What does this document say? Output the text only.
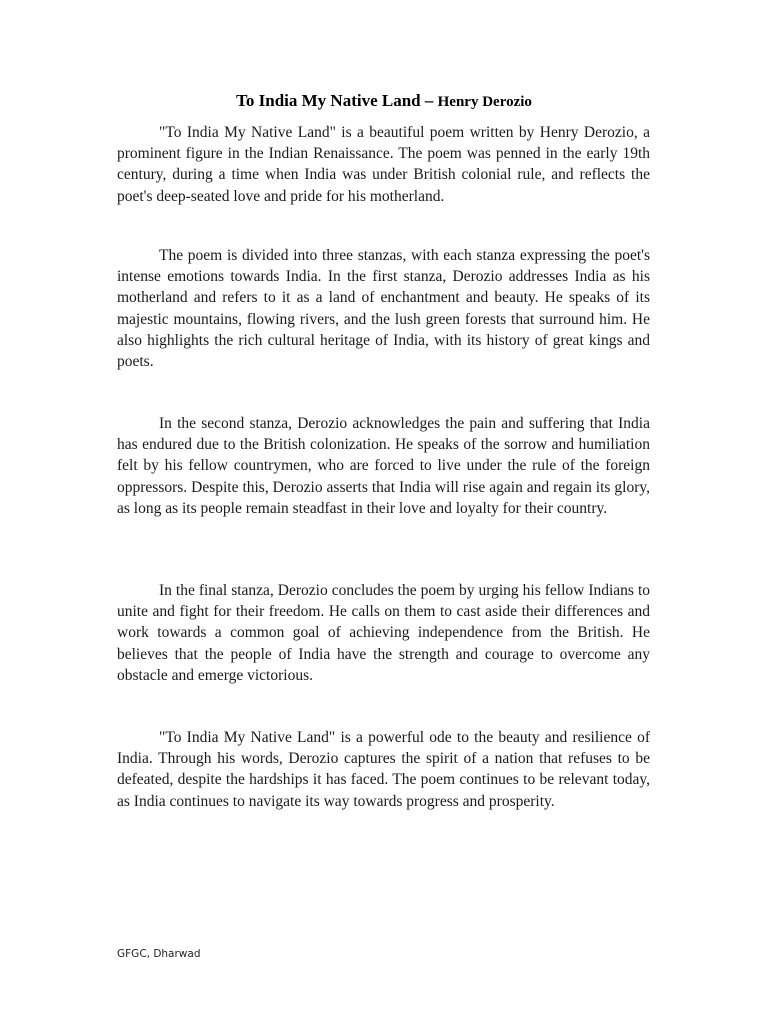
To India My Native Land – Henry Derozio

"To India My Native Land" is a beautiful poem written by Henry Derozio, a prominent figure in the Indian Renaissance. The poem was penned in the early 19th century, during a time when India was under British colonial rule, and reflects the poet's deep-seated love and pride for his motherland.

The poem is divided into three stanzas, with each stanza expressing the poet's intense emotions towards India. In the first stanza, Derozio addresses India as his motherland and refers to it as a land of enchantment and beauty. He speaks of its majestic mountains, flowing rivers, and the lush green forests that surround him. He also highlights the rich cultural heritage of India, with its history of great kings and poets.

In the second stanza, Derozio acknowledges the pain and suffering that India has endured due to the British colonization. He speaks of the sorrow and humiliation felt by his fellow countrymen, who are forced to live under the rule of the foreign oppressors. Despite this, Derozio asserts that India will rise again and regain its glory, as long as its people remain steadfast in their love and loyalty for their country.

In the final stanza, Derozio concludes the poem by urging his fellow Indians to unite and fight for their freedom. He calls on them to cast aside their differences and work towards a common goal of achieving independence from the British. He believes that the people of India have the strength and courage to overcome any obstacle and emerge victorious.

"To India My Native Land" is a powerful ode to the beauty and resilience of India. Through his words, Derozio captures the spirit of a nation that refuses to be defeated, despite the hardships it has faced. The poem continues to be relevant today, as India continues to navigate its way towards progress and prosperity.

GFGC, Dharwad
